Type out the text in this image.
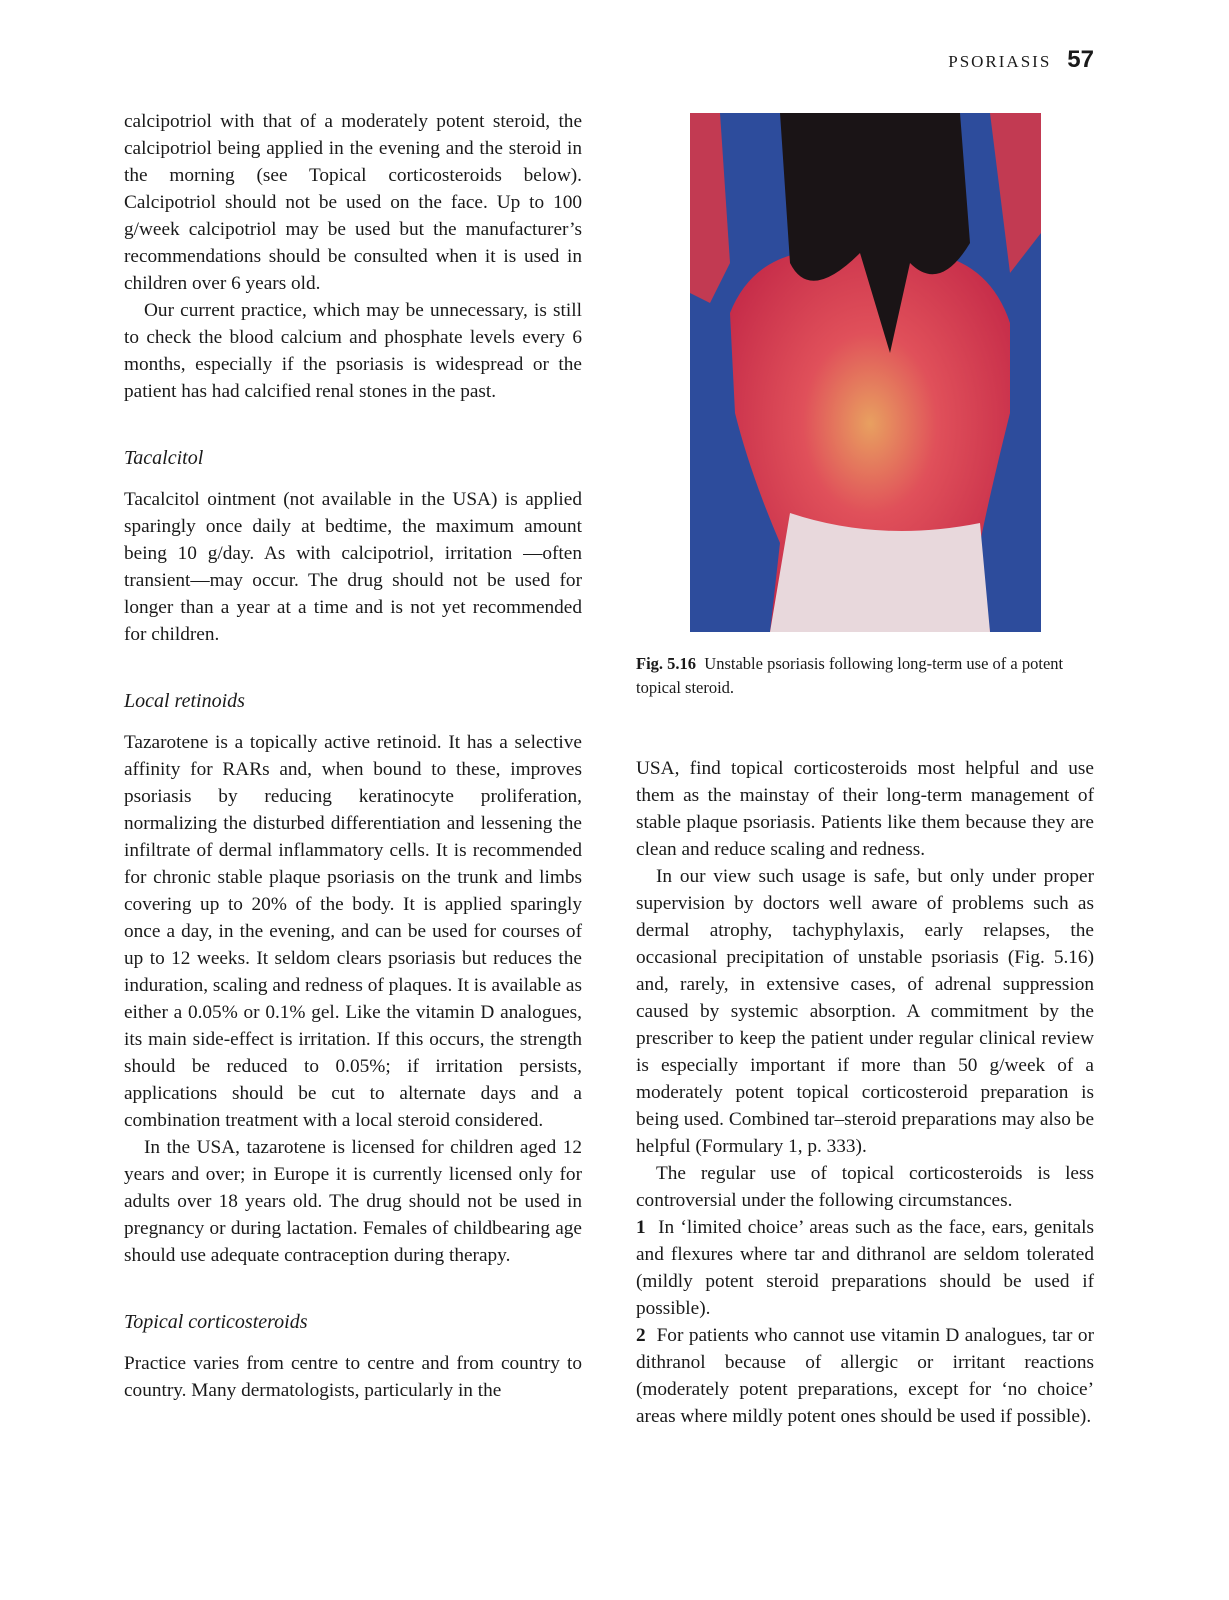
PSORIASIS 57

calcipotriol with that of a moderately potent steroid, the calcipotriol being applied in the evening and the steroid in the morning (see Topical corticosteroids below). Calcipotriol should not be used on the face. Up to 100 g/week calcipotriol may be used but the manufacturer’s recommendations should be consulted when it is used in children over 6 years old.

Our current practice, which may be unnecessary, is still to check the blood calcium and phosphate levels every 6 months, especially if the psoriasis is widespread or the patient has had calcified renal stones in the past.

Tacalcitol

Tacalcitol ointment (not available in the USA) is applied sparingly once daily at bedtime, the maximum amount being 10 g/day. As with calcipotriol, irritation —often transient—may occur. The drug should not be used for longer than a year at a time and is not yet recommended for children.

Local retinoids

Tazarotene is a topically active retinoid. It has a selective affinity for RARs and, when bound to these, improves psoriasis by reducing keratinocyte proliferation, normalizing the disturbed differentiation and lessening the infiltrate of dermal inflammatory cells. It is recommended for chronic stable plaque psoriasis on the trunk and limbs covering up to 20% of the body. It is applied sparingly once a day, in the evening, and can be used for courses of up to 12 weeks. It seldom clears psoriasis but reduces the induration, scaling and redness of plaques. It is available as either a 0.05% or 0.1% gel. Like the vitamin D analogues, its main side-effect is irritation. If this occurs, the strength should be reduced to 0.05%; if irritation persists, applications should be cut to alternate days and a combination treatment with a local steroid considered.

In the USA, tazarotene is licensed for children aged 12 years and over; in Europe it is currently licensed only for adults over 18 years old. The drug should not be used in pregnancy or during lactation. Females of childbearing age should use adequate contraception during therapy.

Topical corticosteroids

Practice varies from centre to centre and from country to country. Many dermatologists, particularly in the

Fig. 5.16 Unstable psoriasis following long-term use of a potent topical steroid.

USA, find topical corticosteroids most helpful and use them as the mainstay of their long-term management of stable plaque psoriasis. Patients like them because they are clean and reduce scaling and redness.

In our view such usage is safe, but only under proper supervision by doctors well aware of problems such as dermal atrophy, tachyphylaxis, early relapses, the occasional precipitation of unstable psoriasis (Fig. 5.16) and, rarely, in extensive cases, of adrenal suppression caused by systemic absorption. A commitment by the prescriber to keep the patient under regular clinical review is especially important if more than 50 g/week of a moderately potent topical corticosteroid preparation is being used. Combined tar–steroid preparations may also be helpful (Formulary 1, p. 333).

The regular use of topical corticosteroids is less controversial under the following circumstances.

1 In ‘limited choice’ areas such as the face, ears, genitals and flexures where tar and dithranol are seldom tolerated (mildly potent steroid preparations should be used if possible).

2 For patients who cannot use vitamin D analogues, tar or dithranol because of allergic or irritant reactions (moderately potent preparations, except for ‘no choice’ areas where mildly potent ones should be used if possible).
